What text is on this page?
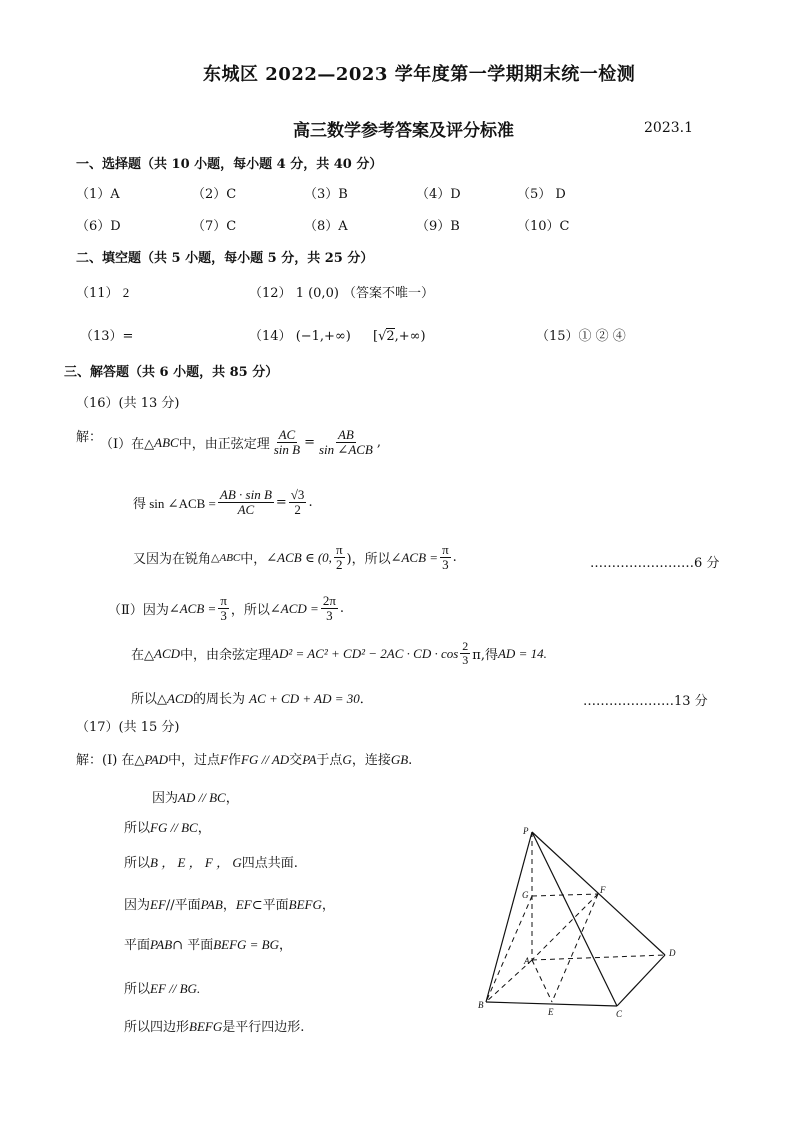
东城区 2022—2023 学年度第一学期期末统一检测
高三数学参考答案及评分标准	2023.1
一、选择题（共 10 小题，每小题 4 分，共 40 分）
（1）A	（2）C	（3）B	（4）D	（5） D
（6）D	（7）C	（8）A	（9）B	（10）C
二、填空题（共 5 小题，每小题 5 分，共 25 分）
（11） 2	（12） 1 (0,0) （答案不唯一）
（13）=	（14） (−1,+∞) [√2,+∞)	（15）① ② ④
三、解答题（共 6 小题，共 85 分）
（16）(共 13 分)
解：
（Ⅰ）在△ ABC 中，由正弦定理 $\frac{AC}{\text{sin B}} = \frac{AB}{\text{sin ∠ACB}}$ ,
得 sin ∠ACB = $\frac{\text{AB · sin B}}{AC} = \frac{√3}{2}$ .
又因为在锐角 △ABC 中， ∠ACB ∈ (0, $\frac{\pi}{2}$ )，所以 ∠ACB = $\frac{\pi}{3}$ .	……………………6 分
（Ⅱ）因为 ∠ACB = $\frac{\pi}{3}$ ，所以 ∠ACD = $\frac{2\pi}{3}$ .
在△ ACD 中，由余弦定理 AD² = AC² + CD² − 2AC · CD · $\cos \frac{2}{3} \pi$,得 AD = 14.
所以△ACD的周长为 AC + CD + AD = 30．	…………………13 分
（17）(共 15 分)
解：(I) 在△PAD中，过点F作FG // AD交PA于点G，连接GB.
因为AD // BC，
所以FG // BC，
所以B ， E ， F ， G四点共面.
因为EF//平面PAB，EF⊂平面BEFG，
平面PAB∩ 平面BEFG = BG，
所以EF // BG.
所以四边形BEFG是平行四边形.
P
G	F
A
D
B
E	C
